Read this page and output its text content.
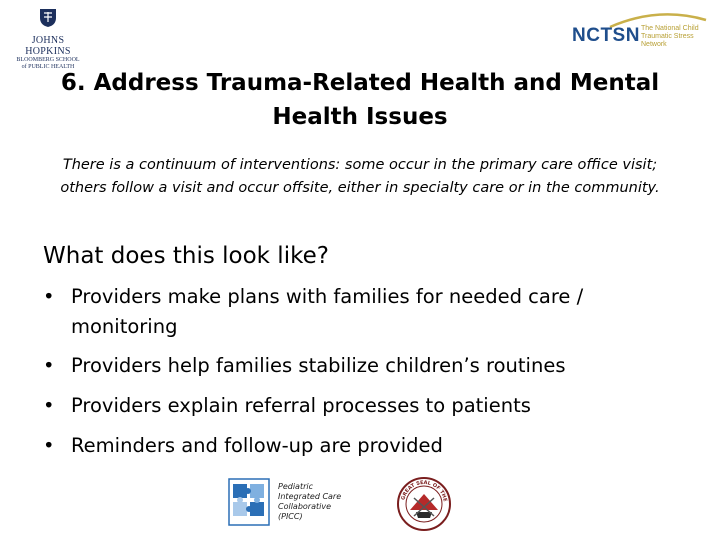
JOHNS HOPKINS
BLOOMBERG SCHOOL
of PUBLIC HEALTH
NCTSN The National Child
Traumatic Stress Network
6. Address Trauma-Related Health and Mental Health Issues
There is a continuum of interventions: some occur in the primary care office visit; others follow a visit and occur offsite, either in specialty care or in the community.
What does this look like?
• Providers make plans with families for needed care / monitoring
• Providers help families stabilize children’s routines
• Providers explain referral processes to patients
• Reminders and follow-up are provided
Pediatric
Integrated Care
Collaborative
(PICC)
GREAT SEAL OF THE
